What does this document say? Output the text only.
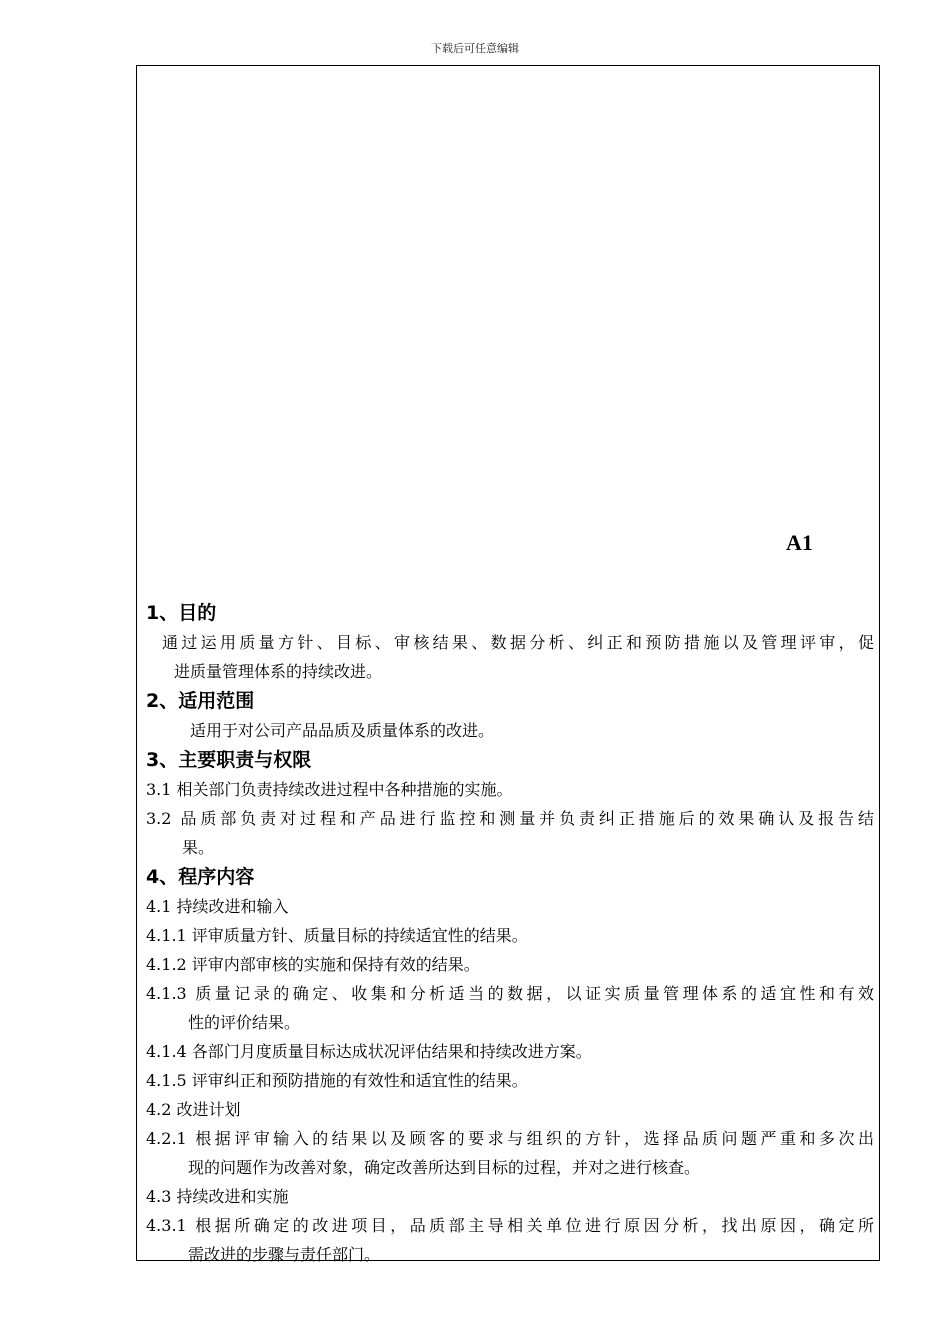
下载后可任意编辑
A1
1、目的
通过运用质量方针、目标、审核结果、数据分析、纠正和预防措施以及管理评审，促
进质量管理体系的持续改进。
2、适用范围
适用于对公司产品品质及质量体系的改进。
3、主要职责与权限
3.1 相关部门负责持续改进过程中各种措施的实施。
3.2 品质部负责对过程和产品进行监控和测量并负责纠正措施后的效果确认及报告结
果。
4、程序内容
4.1 持续改进和输入
4.1.1 评审质量方针、质量目标的持续适宜性的结果。
4.1.2 评审内部审核的实施和保持有效的结果。
4.1.3 质量记录的确定、收集和分析适当的数据，以证实质量管理体系的适宜性和有效
性的评价结果。
4.1.4 各部门月度质量目标达成状况评估结果和持续改进方案。
4.1.5 评审纠正和预防措施的有效性和适宜性的结果。
4.2 改进计划
4.2.1 根据评审输入的结果以及顾客的要求与组织的方针，选择品质问题严重和多次出
现的问题作为改善对象，确定改善所达到目标的过程，并对之进行核查。
4.3 持续改进和实施
4.3.1 根据所确定的改进项目，品质部主导相关单位进行原因分析，找出原因，确定所
需改进的步骤与责任部门。
